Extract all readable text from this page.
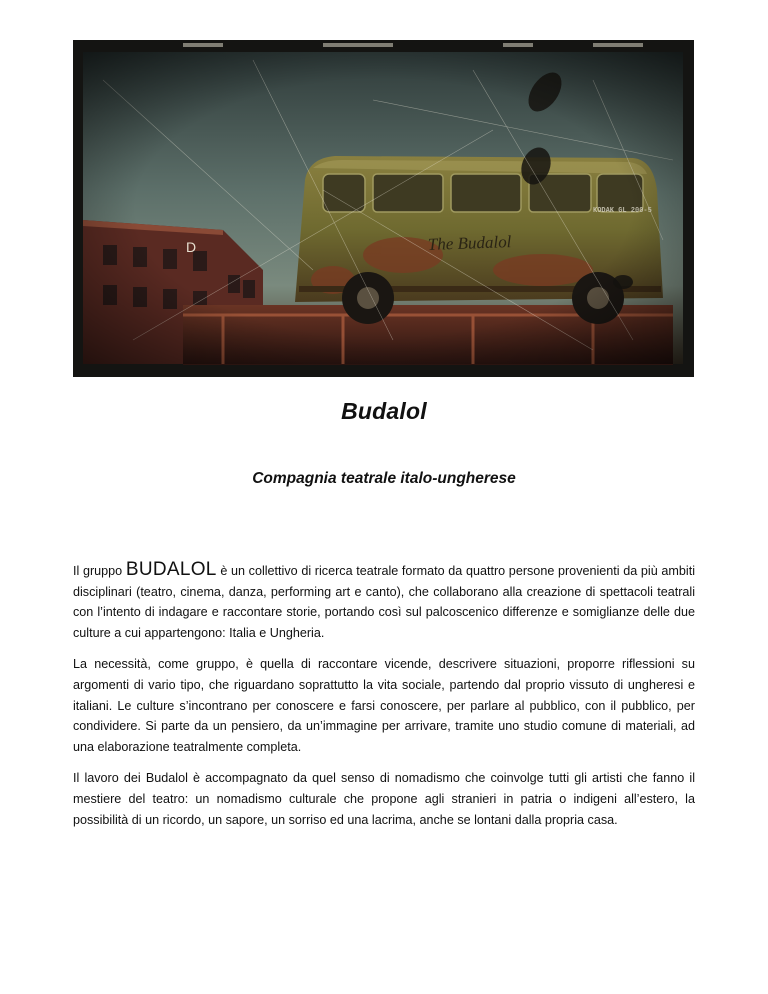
Budalol
Compagnia teatrale italo-ungherese

Il gruppo BUDALOL è un collettivo di ricerca teatrale formato da quattro persone provenienti da più ambiti disciplinari (teatro, cinema, danza, performing art e canto), che collaborano alla creazione di spettacoli teatrali con l’intento di indagare e raccontare storie, portando così sul palcoscenico differenze e somiglianze delle due culture a cui appartengono: Italia e Ungheria.

La necessità, come gruppo, è quella di raccontare vicende, descrivere situazioni, proporre riflessioni su argomenti di vario tipo, che riguardano soprattutto la vita sociale, partendo dal proprio vissuto di ungheresi e italiani. Le culture s’incontrano per conoscere e farsi conoscere, per parlare al pubblico, con il pubblico, per condividere. Si parte da un pensiero, da un’immagine per arrivare, tramite uno studio comune di materiali, ad una elaborazione teatralmente completa.

Il lavoro dei Budalol è accompagnato da quel senso di nomadismo che coinvolge tutti gli artisti che fanno il mestiere del teatro: un nomadismo culturale che propone agli stranieri in patria o indigeni all’estero, la possibilità di un ricordo, un sapore, un sorriso ed una lacrima, anche se lontani dalla propria casa.
